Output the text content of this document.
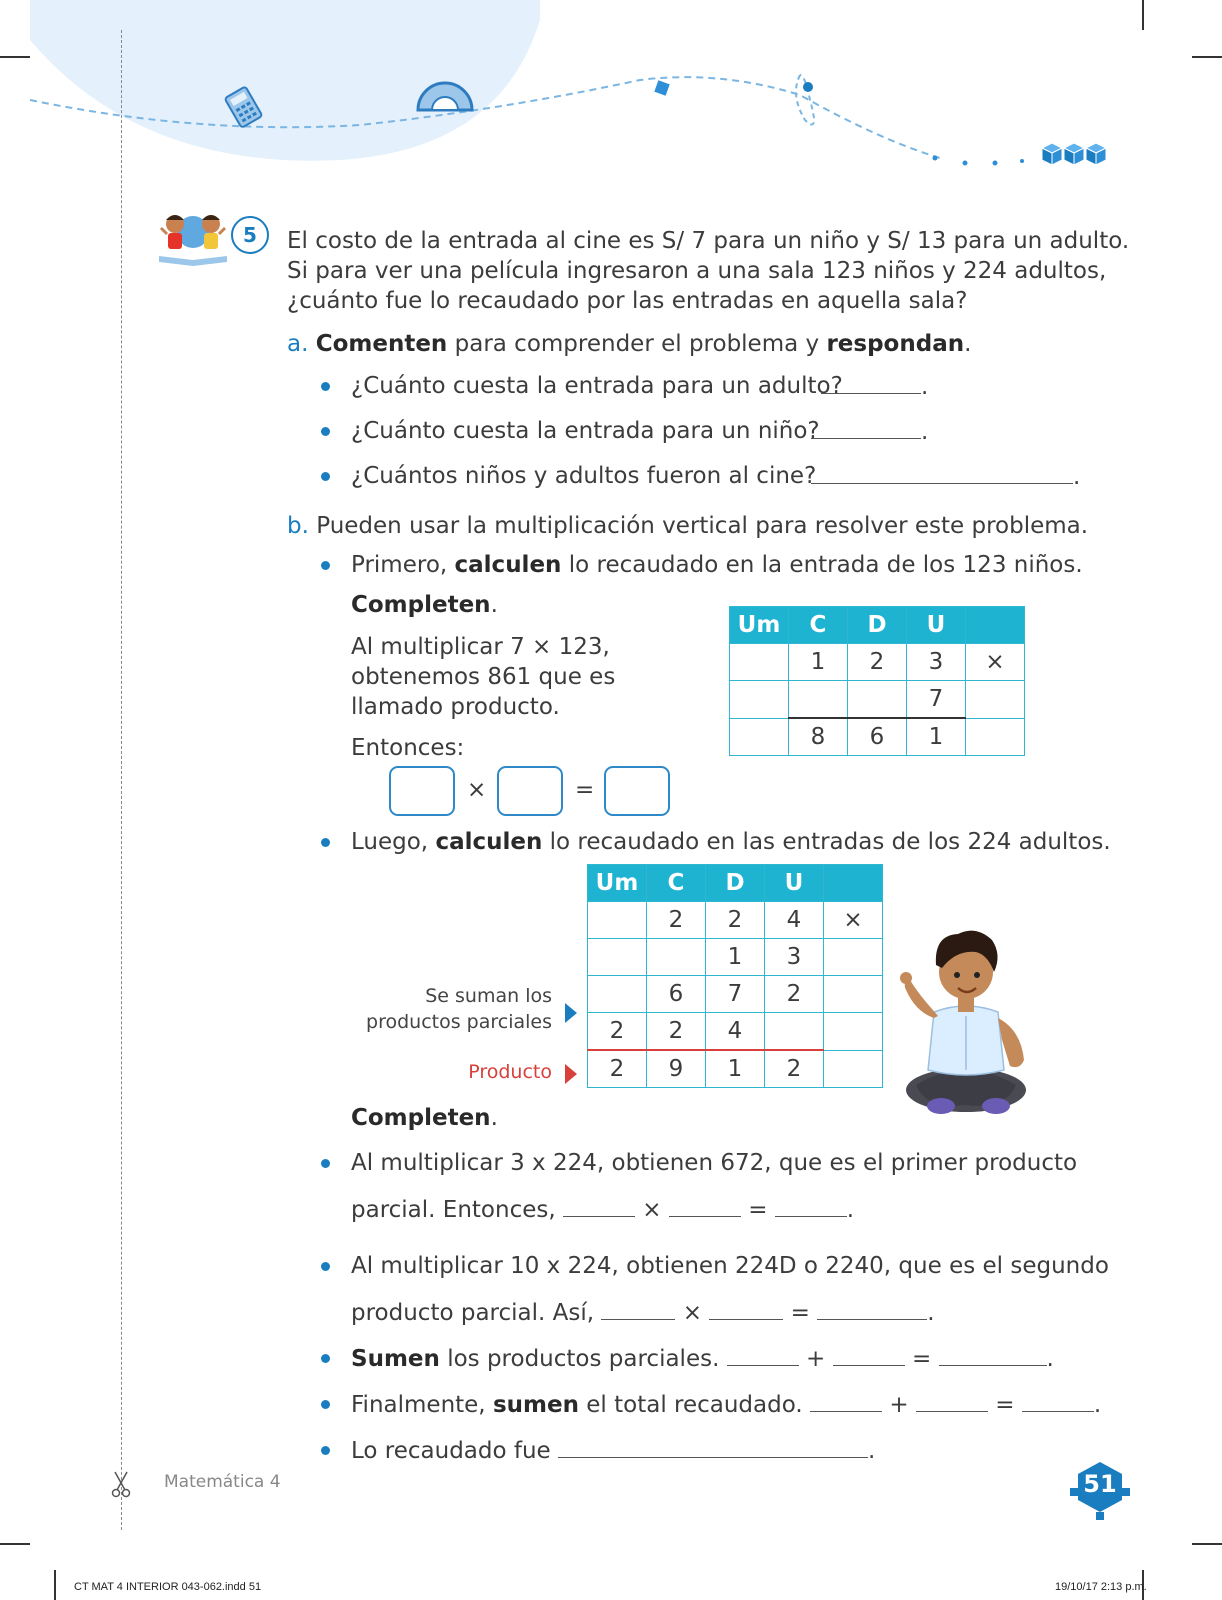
5	El costo de la entrada al cine es S/ 7 para un niño y S/ 13 para un adulto.
Si para ver una película ingresaron a una sala 123 niños y 224 adultos,
¿cuánto fue lo recaudado por las entradas en aquella sala?
a. Comenten para comprender el problema y respondan.
¿Cuánto cuesta la entrada para un adulto?	.
¿Cuánto cuesta la entrada para un niño?	.
¿Cuántos niños y adultos fueron al cine?	.
b. Pueden usar la multiplicación vertical para resolver este problema.
Primero, calculen lo recaudado en la entrada de los 123 niños.
Completen.
Al multiplicar 7 × 123,
obtenemos 861 que es
llamado producto.
Entonces:
×	=
Um	C	D	U	
	1	2	3	×
			7	
	8	6	1	
Luego, calculen lo recaudado en las entradas de los 224 adultos.
Um	C	D	U	
	2	2	4	×
		1	3	
	6	7	2	
2	2	4		
2	9	1	2	
Se suman los
productos parciales
Producto
Completen.
Al multiplicar 3 x 224, obtienen 672, que es el primer producto
parcial. Entonces,	×	=	.
Al multiplicar 10 x 224, obtienen 224D o 2240, que es el segundo
producto parcial. Así,	×	=	.
Sumen los productos parciales.	+	=	.
Finalmente, sumen el total recaudado.	+	=	.
Lo recaudado fue	.
Matemática 4	51
CT MAT 4 INTERIOR 043-062.indd 51	19/10/17 2:13 p.m.
